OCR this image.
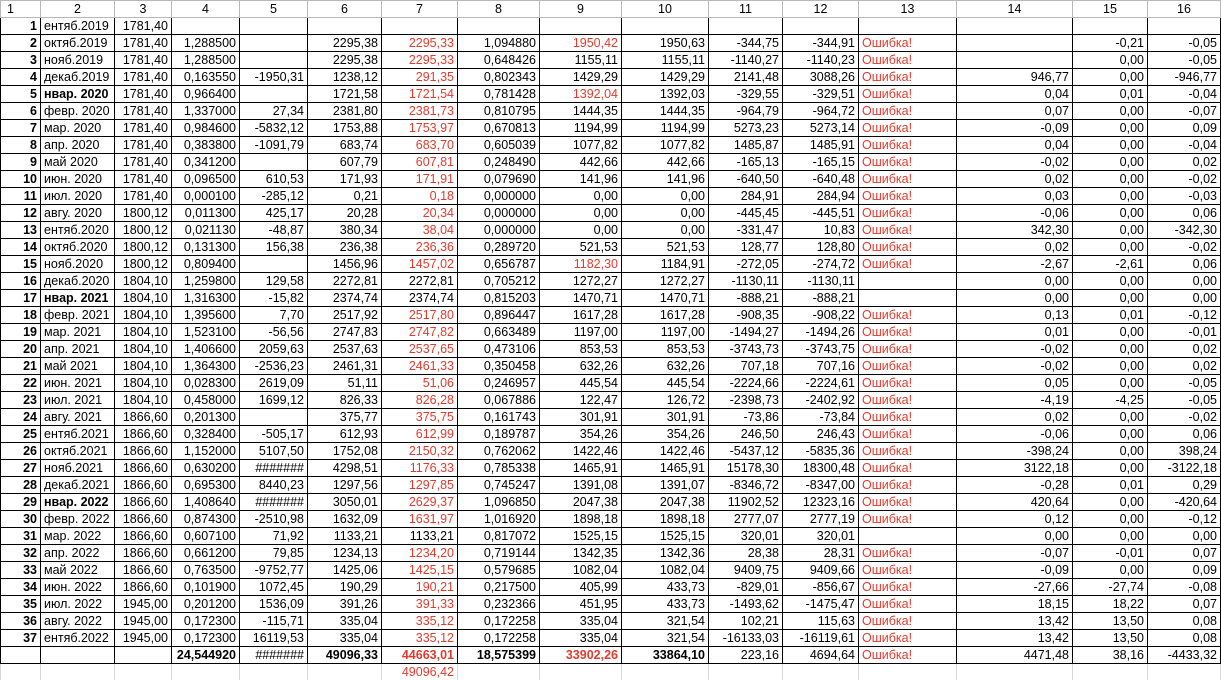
1	2	3	4	5	6	7	8	9	10	11	12	13	14	15	16
1	ентяб.2019	1781,40													
2	октяб.2019	1781,40	1,288500		2295,38	2295,33	1,094880	1950,42	1950,63	-344,75	-344,91	Ошибка!		-0,21	-0,05
3	нояб.2019	1781,40	1,288500		2295,38	2295,33	0,648426	1155,11	1155,11	-1140,27	-1140,23	Ошибка!		0,00	-0,05
4	декаб.2019	1781,40	0,163550	-1950,31	1238,12	291,35	0,802343	1429,29	1429,29	2141,48	3088,26	Ошибка!	946,77	0,00	-946,77
5	нвар. 2020	1781,40	0,966400		1721,58	1721,54	0,781428	1392,04	1392,03	-329,55	-329,51	Ошибка!	0,04	0,01	-0,04
6	февр. 2020	1781,40	1,337000	27,34	2381,80	2381,73	0,810795	1444,35	1444,35	-964,79	-964,72	Ошибка!	0,07	0,00	-0,07
7	мар. 2020	1781,40	0,984600	-5832,12	1753,88	1753,97	0,670813	1194,99	1194,99	5273,23	5273,14	Ошибка!	-0,09	0,00	0,09
8	апр. 2020	1781,40	0,383800	-1091,79	683,74	683,70	0,605039	1077,82	1077,82	1485,87	1485,91	Ошибка!	0,04	0,00	-0,04
9	май 2020	1781,40	0,341200		607,79	607,81	0,248490	442,66	442,66	-165,13	-165,15	Ошибка!	-0,02	0,00	0,02
10	июн. 2020	1781,40	0,096500	610,53	171,93	171,91	0,079690	141,96	141,96	-640,50	-640,48	Ошибка!	0,02	0,00	-0,02
11	июл. 2020	1781,40	0,000100	-285,12	0,21	0,18	0,000000	0,00	0,00	284,91	284,94	Ошибка!	0,03	0,00	-0,03
12	авгу. 2020	1800,12	0,011300	425,17	20,28	20,34	0,000000	0,00	0,00	-445,45	-445,51	Ошибка!	-0,06	0,00	0,06
13	ентяб.2020	1800,12	0,021130	-48,87	380,34	38,04	0,000000	0,00	0,00	-331,47	10,83	Ошибка!	342,30	0,00	-342,30
14	октяб.2020	1800,12	0,131300	156,38	236,38	236,36	0,289720	521,53	521,53	128,77	128,80	Ошибка!	0,02	0,00	-0,02
15	нояб.2020	1800,12	0,809400		1456,96	1457,02	0,656787	1182,30	1184,91	-272,05	-274,72	Ошибка!	-2,67	-2,61	0,06
16	декаб.2020	1804,10	1,259800	129,58	2272,81	2272,81	0,705212	1272,27	1272,27	-1130,11	-1130,11		0,00	0,00	0,00
17	нвар. 2021	1804,10	1,316300	-15,82	2374,74	2374,74	0,815203	1470,71	1470,71	-888,21	-888,21		0,00	0,00	0,00
18	февр. 2021	1804,10	1,395600	7,70	2517,92	2517,80	0,896447	1617,28	1617,28	-908,35	-908,22	Ошибка!	0,13	0,01	-0,12
19	мар. 2021	1804,10	1,523100	-56,56	2747,83	2747,82	0,663489	1197,00	1197,00	-1494,27	-1494,26	Ошибка!	0,01	0,00	-0,01
20	апр. 2021	1804,10	1,406600	2059,63	2537,63	2537,65	0,473106	853,53	853,53	-3743,73	-3743,75	Ошибка!	-0,02	0,00	0,02
21	май 2021	1804,10	1,364300	-2536,23	2461,31	2461,33	0,350458	632,26	632,26	707,18	707,16	Ошибка!	-0,02	0,00	0,02
22	июн. 2021	1804,10	0,028300	2619,09	51,11	51,06	0,246957	445,54	445,54	-2224,66	-2224,61	Ошибка!	0,05	0,00	-0,05
23	июл. 2021	1804,10	0,458000	1699,12	826,33	826,28	0,067886	122,47	126,72	-2398,73	-2402,92	Ошибка!	-4,19	-4,25	-0,05
24	авгу. 2021	1866,60	0,201300		375,77	375,75	0,161743	301,91	301,91	-73,86	-73,84	Ошибка!	0,02	0,00	-0,02
25	ентяб.2021	1866,60	0,328400	-505,17	612,93	612,99	0,189787	354,26	354,26	246,50	246,43	Ошибка!	-0,06	0,00	0,06
26	октяб.2021	1866,60	1,152000	5107,50	1752,08	2150,32	0,762062	1422,46	1422,46	-5437,12	-5835,36	Ошибка!	-398,24	0,00	398,24
27	нояб.2021	1866,60	0,630200	#######	4298,51	1176,33	0,785338	1465,91	1465,91	15178,30	18300,48	Ошибка!	3122,18	0,00	-3122,18
28	декаб.2021	1866,60	0,695300	8440,23	1297,56	1297,85	0,745247	1391,08	1391,07	-8346,72	-8347,00	Ошибка!	-0,28	0,01	0,29
29	нвар. 2022	1866,60	1,408640	#######	3050,01	2629,37	1,096850	2047,38	2047,38	11902,52	12323,16	Ошибка!	420,64	0,00	-420,64
30	февр. 2022	1866,60	0,874300	-2510,98	1632,09	1631,97	1,016920	1898,18	1898,18	2777,07	2777,19	Ошибка!	0,12	0,00	-0,12
31	мар. 2022	1866,60	0,607100	71,92	1133,21	1133,21	0,817072	1525,15	1525,15	320,01	320,01		0,00	0,00	0,00
32	апр. 2022	1866,60	0,661200	79,85	1234,13	1234,20	0,719144	1342,35	1342,36	28,38	28,31	Ошибка!	-0,07	-0,01	0,07
33	май 2022	1866,60	0,763500	-9752,77	1425,06	1425,15	0,579685	1082,04	1082,04	9409,75	9409,66	Ошибка!	-0,09	0,00	0,09
34	июн. 2022	1866,60	0,101900	1072,45	190,29	190,21	0,217500	405,99	433,73	-829,01	-856,67	Ошибка!	-27,66	-27,74	-0,08
35	июл. 2022	1945,00	0,201200	1536,09	391,26	391,33	0,232366	451,95	433,73	-1493,62	-1475,47	Ошибка!	18,15	18,22	0,07
36	авгу. 2022	1945,00	0,172300	-115,71	335,04	335,12	0,172258	335,04	321,54	102,21	115,63	Ошибка!	13,42	13,50	0,08
37	ентяб.2022	1945,00	0,172300	16119,53	335,04	335,12	0,172258	335,04	321,54	-16133,03	-16119,61	Ошибка!	13,42	13,50	0,08
			24,544920	#######	49096,33	44663,01	18,575399	33902,26	33864,10	223,16	4694,64	Ошибка!	4471,48	38,16	-4433,32
						49096,42									
